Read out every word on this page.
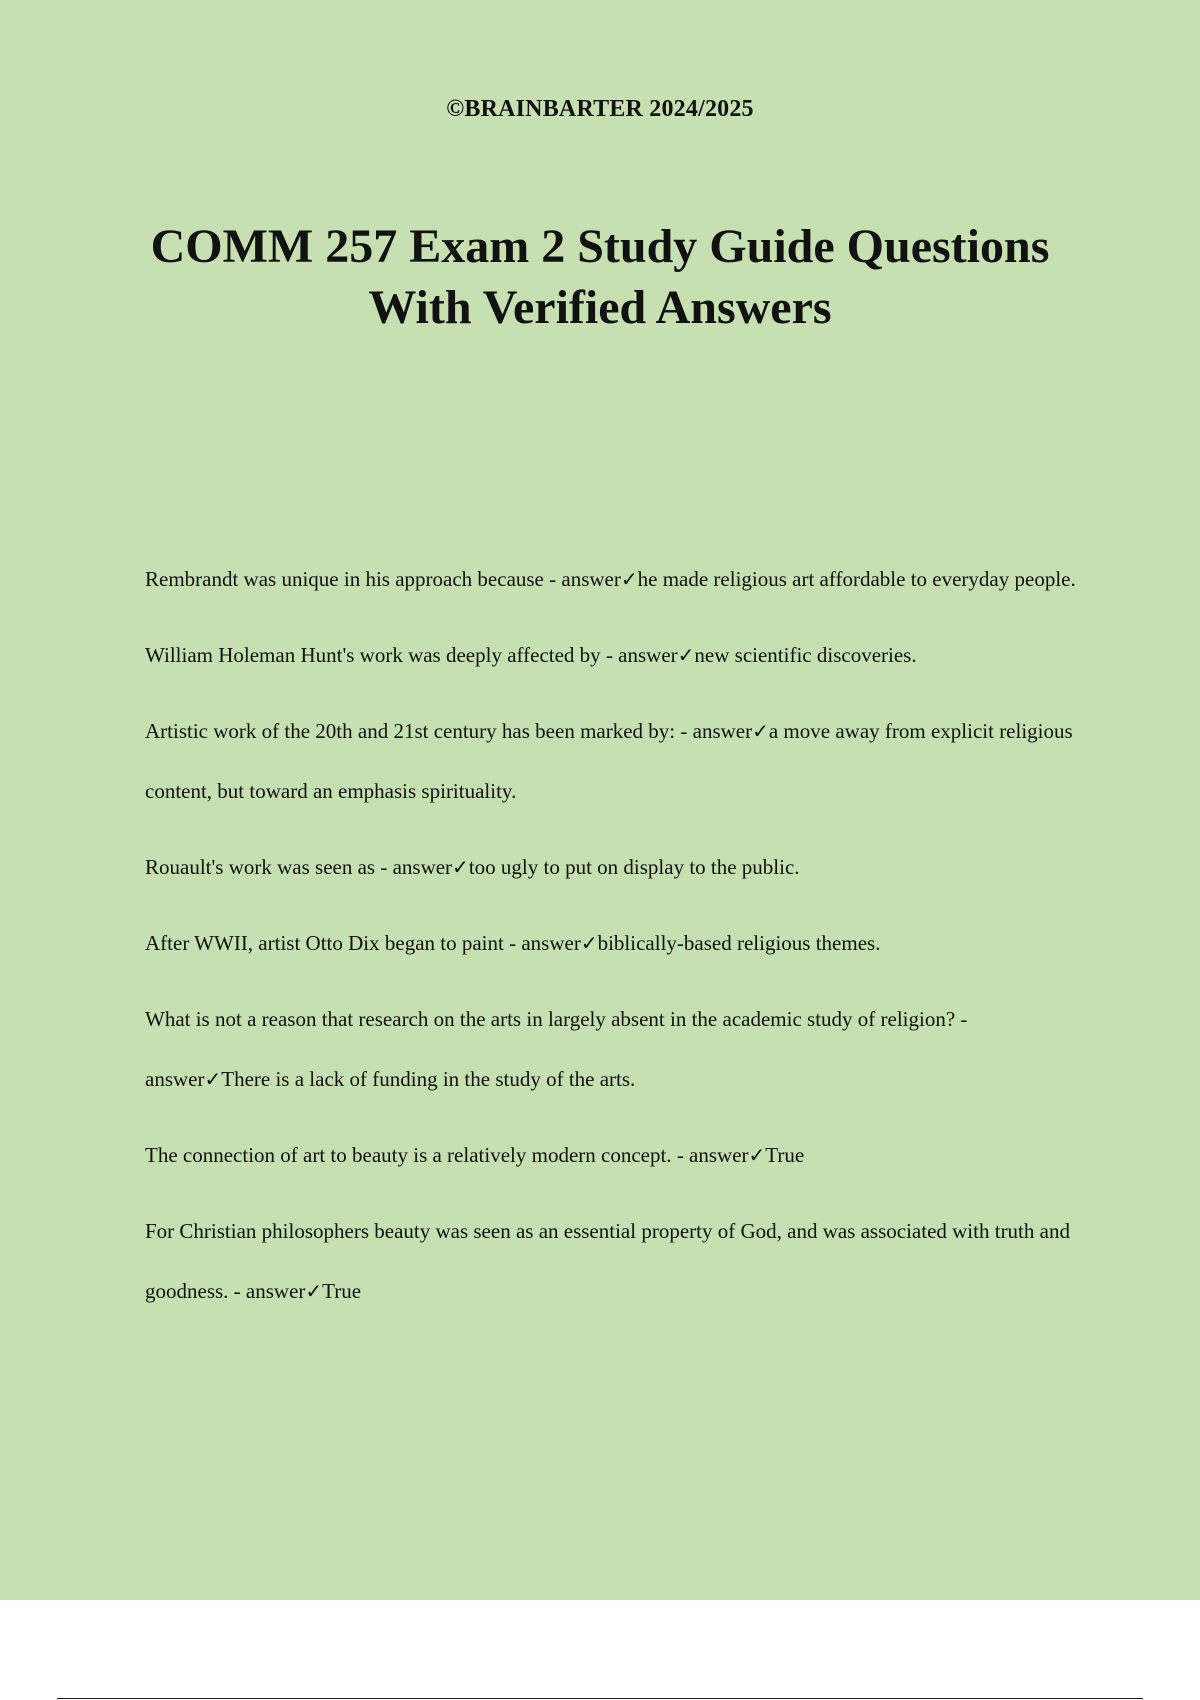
©BRAINBARTER 2024/2025
COMM 257 Exam 2 Study Guide Questions With Verified Answers

Rembrandt was unique in his approach because - answer✓he made religious art affordable to everyday people.

William Holeman Hunt's work was deeply affected by - answer✓new scientific discoveries.

Artistic work of the 20th and 21st century has been marked by: - answer✓a move away from explicit religious content, but toward an emphasis spirituality.

Rouault's work was seen as - answer✓too ugly to put on display to the public.

After WWII, artist Otto Dix began to paint - answer✓biblically-based religious themes.

What is not a reason that research on the arts in largely absent in the academic study of religion? - answer✓There is a lack of funding in the study of the arts.

The connection of art to beauty is a relatively modern concept. - answer✓True

For Christian philosophers beauty was seen as an essential property of God, and was associated with truth and goodness. - answer✓True
